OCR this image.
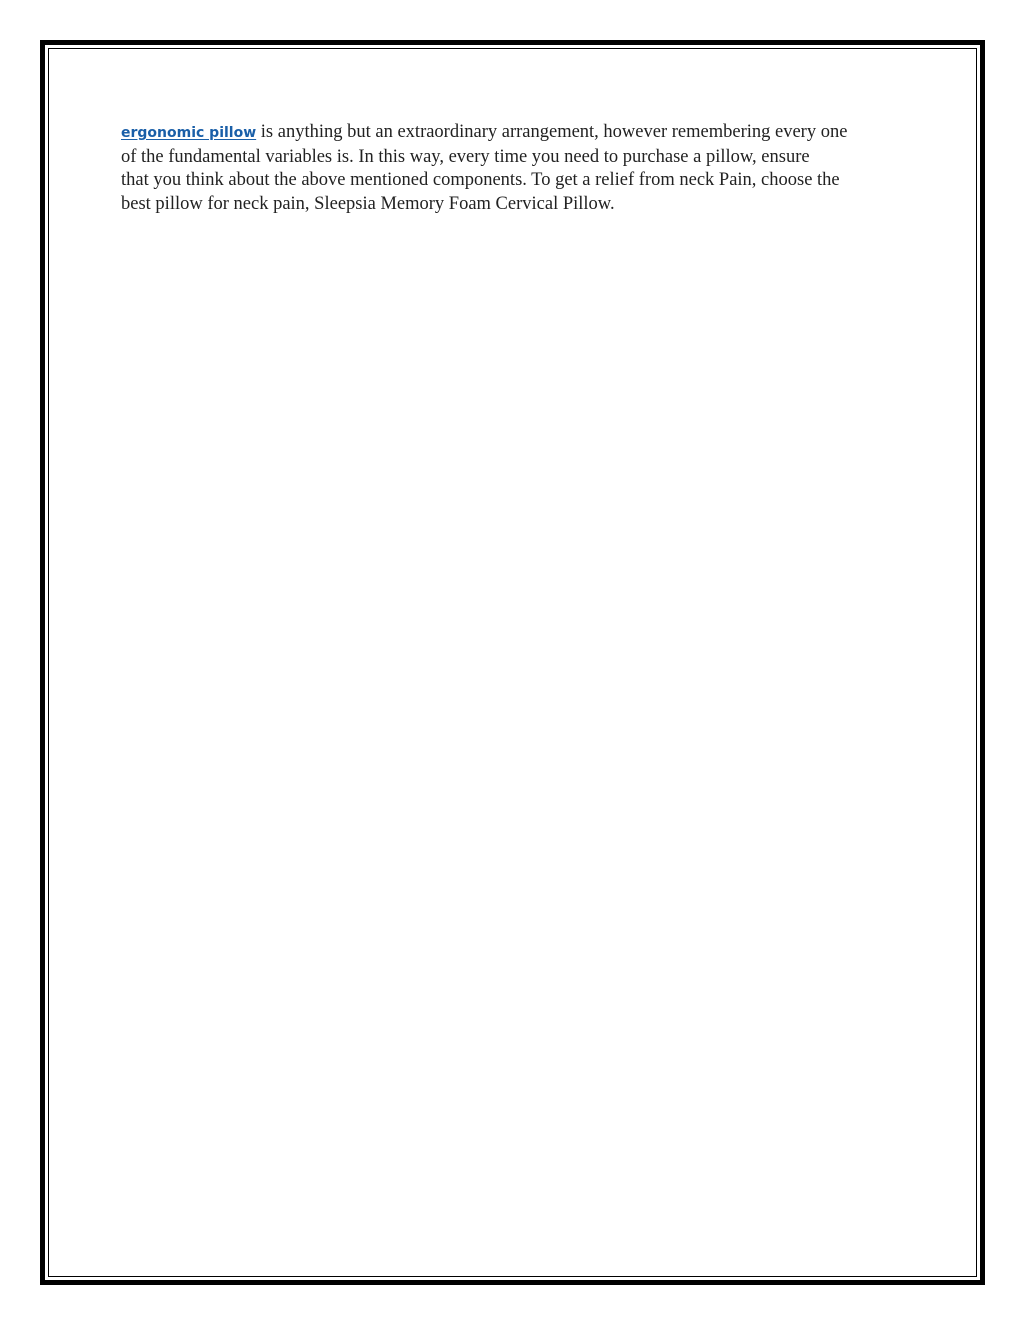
ergonomic pillow is anything but an extraordinary arrangement, however remembering every one
of the fundamental variables is. In this way, every time you need to purchase a pillow, ensure
that you think about the above mentioned components. To get a relief from neck Pain, choose the
best pillow for neck pain, Sleepsia Memory Foam Cervical Pillow.
